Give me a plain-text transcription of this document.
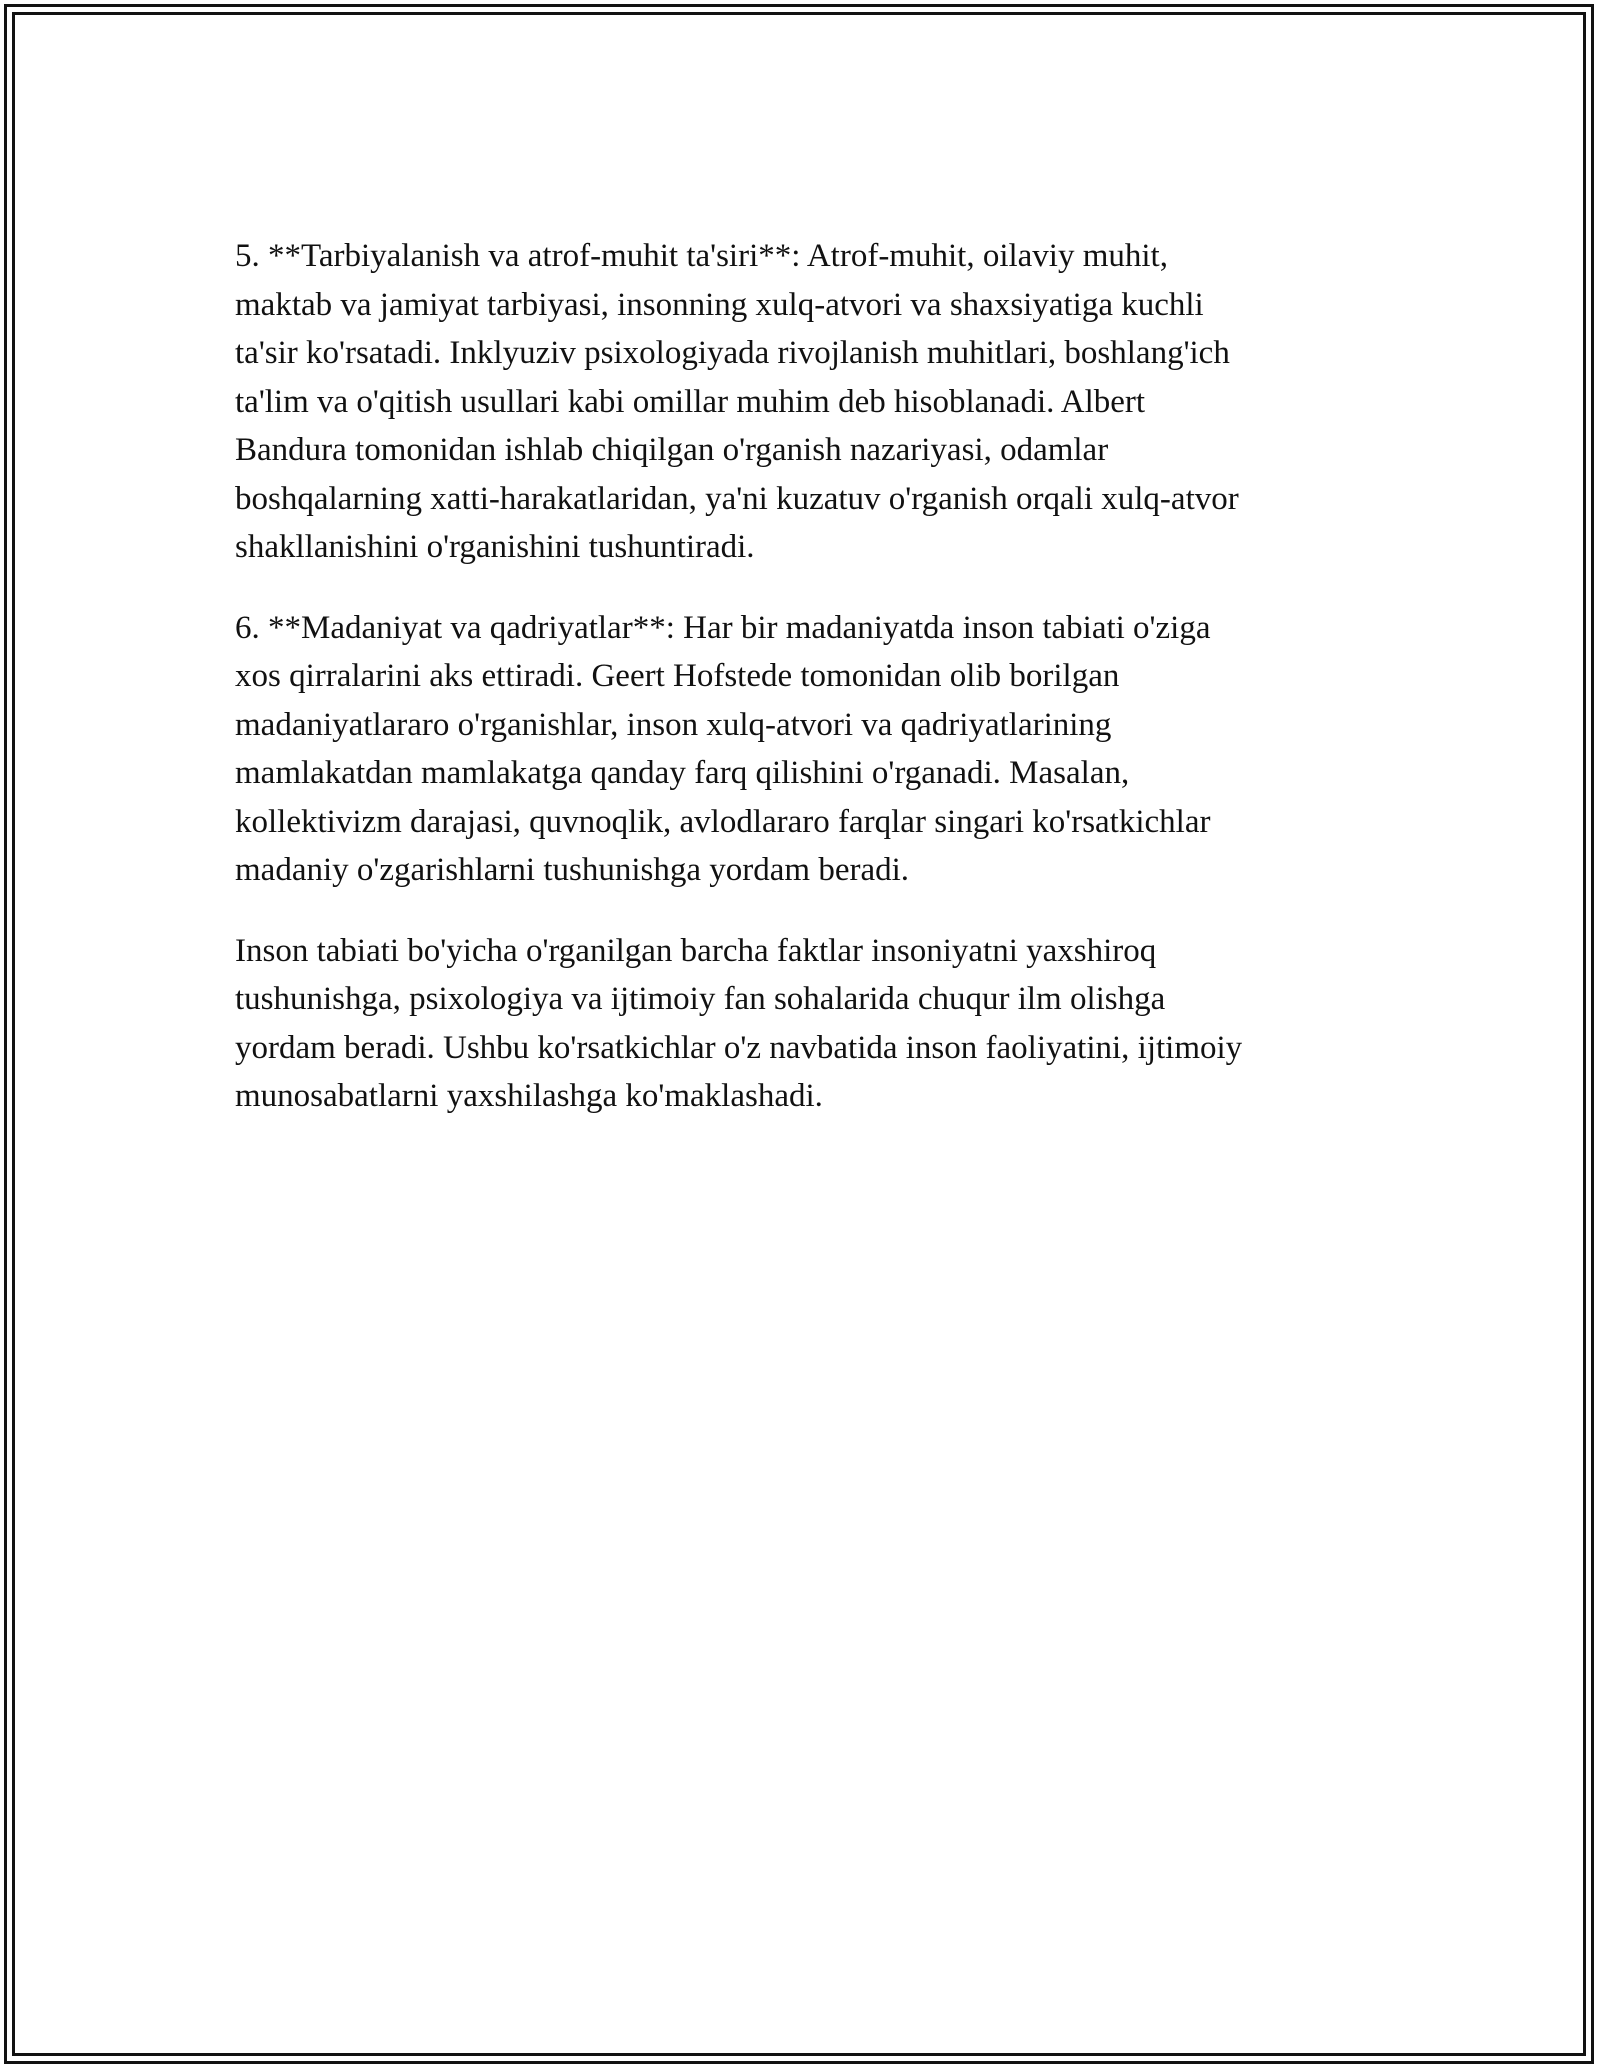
5. **Tarbiyalanish va atrof-muhit ta'siri**: Atrof-muhit, oilaviy muhit,
maktab va jamiyat tarbiyasi, insonning xulq-atvori va shaxsiyatiga kuchli
ta'sir ko'rsatadi. Inklyuziv psixologiyada rivojlanish muhitlari, boshlang'ich
ta'lim va o'qitish usullari kabi omillar muhim deb hisoblanadi. Albert
Bandura tomonidan ishlab chiqilgan o'rganish nazariyasi, odamlar
boshqalarning xatti-harakatlaridan, ya'ni kuzatuv o'rganish orqali xulq-atvor
shakllanishini o'rganishini tushuntiradi.

6. **Madaniyat va qadriyatlar**: Har bir madaniyatda inson tabiati o'ziga
xos qirralarini aks ettiradi. Geert Hofstede tomonidan olib borilgan
madaniyatlararo o'rganishlar, inson xulq-atvori va qadriyatlarining
mamlakatdan mamlakatga qanday farq qilishini o'rganadi. Masalan,
kollektivizm darajasi, quvnoqlik, avlodlararo farqlar singari ko'rsatkichlar
madaniy o'zgarishlarni tushunishga yordam beradi.

Inson tabiati bo'yicha o'rganilgan barcha faktlar insoniyatni yaxshiroq
tushunishga, psixologiya va ijtimoiy fan sohalarida chuqur ilm olishga
yordam beradi. Ushbu ko'rsatkichlar o'z navbatida inson faoliyatini, ijtimoiy
munosabatlarni yaxshilashga ko'maklashadi.
